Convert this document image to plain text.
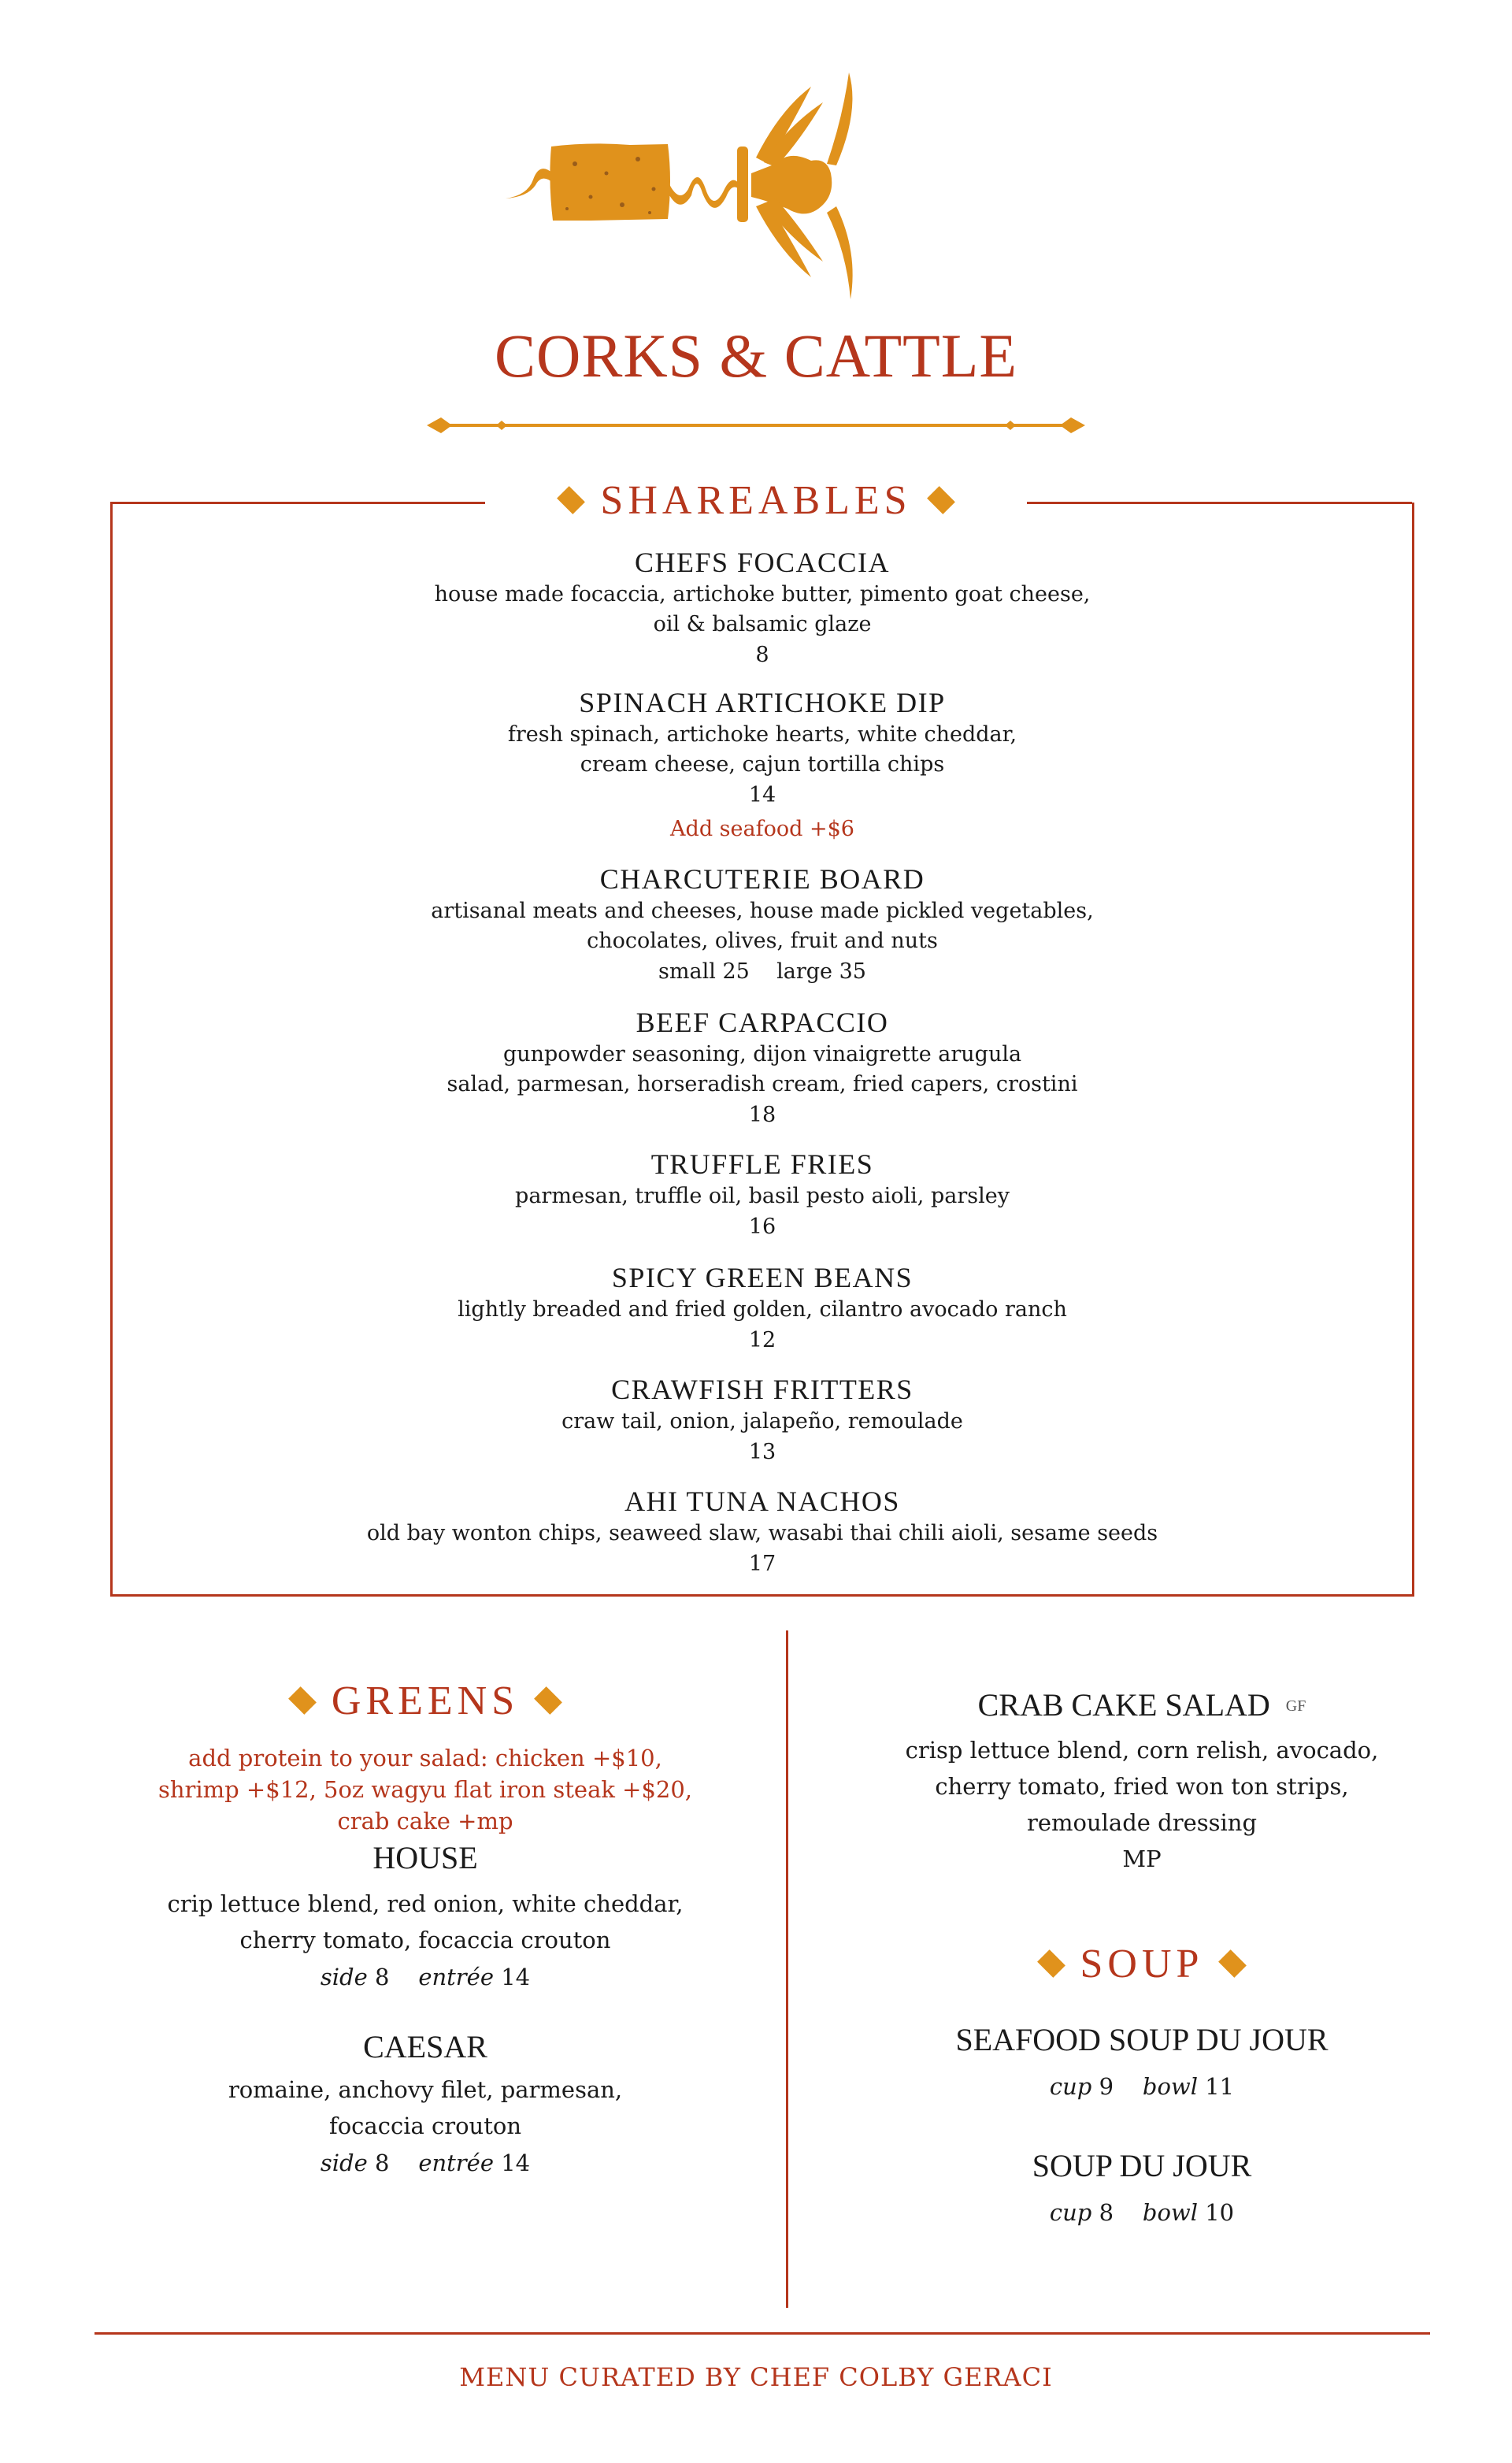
CORKS & CATTLE
SHAREABLES
CHEFS FOCACCIA
house made focaccia, artichoke butter, pimento goat cheese,
oil & balsamic glaze
8
SPINACH ARTICHOKE DIP
fresh spinach, artichoke hearts, white cheddar,
cream cheese, cajun tortilla chips
14
Add seafood +$6
CHARCUTERIE BOARD
artisanal meats and cheeses, house made pickled vegetables,
chocolates, olives, fruit and nuts
small 25    large 35
BEEF CARPACCIO
gunpowder seasoning, dijon vinaigrette arugula
salad, parmesan, horseradish cream, fried capers, crostini
18
TRUFFLE FRIES
parmesan, truffle oil, basil pesto aioli, parsley
16
SPICY GREEN BEANS
lightly breaded and fried golden, cilantro avocado ranch
12
CRAWFISH FRITTERS
craw tail, onion, jalapeño, remoulade
13
AHI TUNA NACHOS
old bay wonton chips, seaweed slaw, wasabi thai chili aioli, sesame seeds
17
GREENS
add protein to your salad: chicken +$10,
shrimp +$12, 5oz wagyu flat iron steak +$20,
crab cake +mp
HOUSE
crip lettuce blend, red onion, white cheddar,
cherry tomato, focaccia crouton
side 8 entrée 14
CAESAR
romaine, anchovy filet, parmesan,
focaccia crouton
side 8 entrée 14
CRAB CAKE SALAD GF
crisp lettuce blend, corn relish, avocado,
cherry tomato, fried won ton strips,
remoulade dressing
MP
SOUP
SEAFOOD SOUP DU JOUR
cup 9 bowl 11
SOUP DU JOUR
cup 8 bowl 10
MENU CURATED BY CHEF COLBY GERACI
